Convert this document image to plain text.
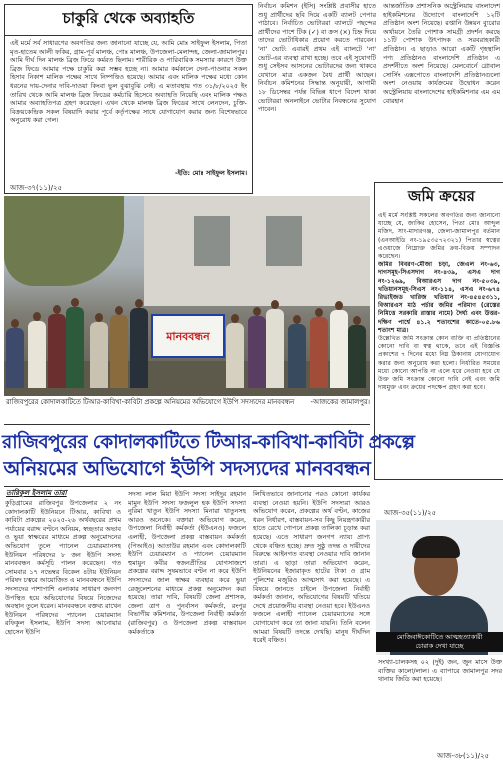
চাকুরি থেকে অব্যাহতি
এই মর্মে সর্ব সাধারণের অবগতির জন্য জানানো যাচ্ছে যে, আমি মোঃ সাইফুল ইসলাম, পিতা মৃত-হাতেম আলী ফকির, গ্রাম-পূর্ব মালঞ্চ, পোঃ মালঞ্চ, উপজেলা-মেলান্দহ, জেলা-জামালপুর। আমি দীর্ঘ দিন মালঞ্চ ব্রিজ ফিডে কর্মরত ছিলাম। শারীরিক ও পারিবারিক সমস্যার কারণে উক্ত ব্রিজ ফিডে আমার পক্ষে চাকুরি করা সম্ভব হচ্ছে না। আমার কর্মকালে দেনা-পাওনার সকল হিসাব নিকাশ মালিক পক্ষের সাথে নিষ্পত্তিও হয়েছে। আমার এবং মালিক পক্ষের মধ্যে কোন ধরনের দায়-দেনার দাবি-দাওয়া কিংবা ভুল বুঝাবুঝি নেই। এ মতাবস্থায় গত ৩১/৮/২০২৫ ইং তারিখ থেকে আমি মালঞ্চ ব্রিজ ফিডের কর্মচারি হিসেবে অব্যাহতি নিয়েছি এবং মালিক পক্ষও আমার অব্যাহতিপত্র গ্রহণ করেছেন। এখন থেকে মালঞ্চ ব্রিজ ফিডের সাথে লেনদেন, চুক্তি-বিক্রয়কেন্দ্রিক সকল বিষয়াদি করার পূর্বে কর্তৃপক্ষের সাথে যোগাযোগ করার জন্য বিশেষভাবে অনুরোধ করা গেল।
-ইতি: মোঃ সাইফুল ইসলাম।
আজ-৩৭(১১)/২৫
নির্বাচন কমিশন (ইসি) সংশ্লিষ্ট প্রবাসীর হাতে শুধু প্রার্থীদের ছবি দিয়ে একটি ব্যালট পেপার পাঠাবে। নির্বাচিত ভোটাররা ব্যালটে পছন্দের প্রার্থীদের পাশে টিক (✓) বা ক্রস (×) চিহ্ন দিয়ে তাদের ভোটাধিকার প্রয়োগ করতে পারবেন। 'না' ভোট: এবারই প্রথম এই ব্যালটে 'না' ভোট-এর ব্যবস্থা রাখা হচ্ছে। তবে এই সুযোগটি শুধু সেইসব আসনের ভোটারদের জন্য থাকবে যেখানে মাত্র একজন বৈধ প্রার্থী আছেন। নির্বাচন কমিশনের সিদ্ধান্ত অনুযায়ী, আগামী ১৮ ডিসেম্বর পর্যন্ত বিভিন্ন ধাপে বিদেশ থাকা ভোটাররা অনলাইনে ভোটার নিবন্ধনের সুযোগ পাবেন।
আন্তর্জাতিক প্রশাসনিক অস্ট্রেলিয়ায় বাংলাদেশ হাইকমিশনের উদ্যোগে বাংলাদেশি ১২টি প্রতিষ্ঠান অংশ নিয়েছে। রপ্তানি উন্নয়ন ব্যুরোর অর্থায়নে তৈরি পোশাক সামগ্রী প্রদর্শন করছে ১১টি পোশাক উৎপাদক ও সরবরাহকারী প্রতিষ্ঠান। এ ছাড়াও আরো একটি গৃহস্থালি পণ্য প্রতিষ্ঠানও বাংলাদেশি প্রতিষ্ঠান এ প্রদর্শনীতে অংশ নিয়েছে। মেলবোর্নে গ্লোবাল সোর্সিং এক্সপোতে বাংলাদেশি প্রতিষ্ঠানগুলো অংশ নেওয়ায় কার্যক্রমের উদ্বোধন করেন অস্ট্রেলিয়ায় বাংলাদেশের হাইকমিশনার এম এম বোরহান
মানববন্ধন
রাজিবপুরের কোদালকাটিতে টিআর-কাবিখা-কাবিটা প্রকল্পে অনিয়মের অভিযোগে ইউপি সদস্যদের মানববন্ধন -আজকের জামালপুর।
জমি ক্রয়ের
এই মর্মে সংশ্লিষ্ট সকলের অবগতির জন্য জানানো যাচ্ছে যে, জাকির হোসেন, পিতা মোঃ আব্দুল মজিদ, সাং-মাদারগঞ্জ, জেলা-জামালপুর বর্তমান (এনআইডি নং-১৯৫৩৫৭২৩২১) পিতার স্বত্বের এওয়াজে নিম্নোক্ত জমির ক্রয়-বিক্রয় সম্পাদন করেছেন।
জমির বিবরণ-মৌজা চড়া, জেএল নং-৬৩, দাগসমূহ-সিএসদাগ নং-৪৩৯, এসএ দাগ নং-১২৬৯, বিআরএস দাগ নং-৫০৩৯, খতিয়ানসমূহ-সিএস নং-১১৪, এসএ নং-৬৭৪ রিভাইজড খারিজ খতিয়ান নং-৪৫৪৫৩১১, বিআরএস মাঠ পর্চার জমির পরিমাণ (রেস্তের নিমিত্তে সরকারি রাস্তার নামে) দৈর্ঘ্য এবং উত্তর-দক্ষিণ পার্শ্বে ৪১.২ শতাংশের কাতে-০৫.৮৬ শতাংশ মাত্র।
উল্লেখিত জমি সংক্রান্ত কোন ব্যক্তি বা প্রতিষ্ঠানের কোনো দাবি বা স্বত্ব থাকে, তবে এই বিজ্ঞপ্তি প্রকাশের ৭ দিনের মধ্যে নিম্ন ঠিকানায় যোগাযোগ করার জন্য অনুরোধ করা হলো। নির্ধারিত সময়ের মধ্যে কোনো আপত্তি না এলে ধরে নেওয়া হবে যে উক্ত জমি সংক্রান্ত কোনো দাবি নেই এবং জমি দায়মুক্ত এবং ক্রয়ের পদক্ষেপ গ্রহণ করা হবে।
আজ-৩৫(১১)/২৫
রাজিবপুরের কোদালকাটিতে টিআর-কাবিখা-কাবিটা প্রকল্পে
অনিয়মের অভিযোগে ইউপি সদস্যদের মানববন্ধন
তারিকুল ইসলাম তারা
কুড়িগ্রামের রাজিবপুর উপজেলার ২ নং কোদালকাটি ইউনিয়নে টিআর, কাবিখা ও কাবিটা প্রকল্পের ২০২৫-২৬ অর্থবছরের প্রথম পর্যায়ের বরাদ্দ বণ্টনে অনিয়ম, স্বচ্ছতার অভাব ও ভুয়া স্বাক্ষরের মাধ্যমে প্রকল্প অনুমোদনের অভিযোগ তুলে প্যানেল চেয়ারম্যানসহ ইউনিয়ন পরিষদের ৮ জন ইউপি সদস্য মানববন্ধন কর্মসূচি পালন করেছেন। গত সোমবার ১৭ নভেম্বর বিকেল ৪টায় ইউনিয়ন পরিষদ চত্বরে আয়োজিত এ মানববন্ধনে ইউপি সদস্যদের পাশাপাশি এলাকার সাধারণ জনগণ উপস্থিত হয়ে অভিযোগের বিষয়ে নিজেদের অবস্থান তুলে ধরেন। মানববন্ধনে বক্তব্য রাখেন ইউনিয়ন পরিষদের প্যানেল চেয়ারম্যান রফিকুল ইসলাম, ইউপি সদস্য আনোয়ার হোসেন ইউপি
সদস্য লাল মিয়া ইউপি সদস্য সাইদুর রহমান মামুন ইউপি সদস্য ফজলুল হক ইউপি সদস্যা নুরিমা খাতুন ইউপি সদস্যা মিনারা খাতুনসহ আরও অনেকে। বক্তারা অভিযোগ করেন, উপজেলা নির্বাহী কর্মকর্তা (ইউএনও) ফজলে এলাহী, উপজেলা প্রকল্প বাস্তবায়ন কর্মকর্তা (পিআইও) আতাউর রহমান এবং কোদালকাটি ইউপি চেয়ারম্যান ও প্যানেল চেয়ারম্যান হুমায়ুন কবীর স্বজনপ্রীতির যোগসাজশে প্রকল্পের বরাদ্দ সুষমভাবে বণ্টন না করে ইউপি সদস্যদের জাল স্বাক্ষর ব্যবহার করে ভুয়া রেজুলেশনের মাধ্যমে প্রকল্প অনুমোদন করা হয়েছে। তারা দাবি, বিষয়টি জেলা প্রশাসক, জেলা ত্রাণ ও পুনর্বাসন কর্মকর্তা, রংপুর বিভাগীয় কমিশনার, উপজেলা নির্বাহী কর্মকর্তা (রাজিবপুর) ও উপজেলা প্রকল্প বাস্তবায়ন কর্মকর্তাকে
লিখিতভাবে জানানোর পরও কোনো কার্যকর ব্যবস্থা নেওয়া হয়নি। ইউপি সদস্যরা আরও অভিযোগ করেন, প্রকল্পের অর্থ বণ্টন, কাজের ধরন নির্ধারণ, বাস্তবায়ন-সব কিছু নিয়ন্ত্রণকারীর হাতে রেখে গোপনে প্রকল্প তালিকা চূড়ান্ত করা হয়েছে। এতে সাধারণ জনগণ ন্যায্য প্রাপ্য থেকে বঞ্চিত হচ্ছে। দ্রুত সুষ্ঠু তদন্ত ও দায়ীদের বিরুদ্ধে আইনগত ব্যবস্থা নেওয়ার দাবি জানান তারা। এ ছাড়া তারা অভিযোগ করেন, ইউনিয়নের ইজারাকৃত হাটের টাকা ও গ্রাম পুলিশের মজুরিও আত্মসাৎ করা হয়েছে। এ বিষয়ে জানতে চাইলে উপজেলা নির্বাহী কর্মকর্তা জানান, অভিযোগের বিষয়টি খতিয়ে দেখে প্রয়োজনীয় ব্যবস্থা নেওয়া হবে। ইউএনও ফজলে এলাহী প্যানেল চেয়ারম্যানের সঙ্গে যোগাযোগ করে তা জানা যায়নি। তিনি বলেন আমরা বিষয়টি তদন্তে দেখছি। মানুষ দীর্ঘদিন ধরেই বঞ্চিত।	মোজিবাঈকোটিতে আত্মহত্যাকারী
চোরাক দেখা যাচ্ছে
সংখ্যা-চালকসহ ০২ (দুই) জন, জুন মাসে উক্ত ব্যক্তির কালো/লাল। এ ব্যাপারে জামালপুর সদর থানায় জিডি করা হয়েছে।
আজ-৩৮(১১)/২৫
